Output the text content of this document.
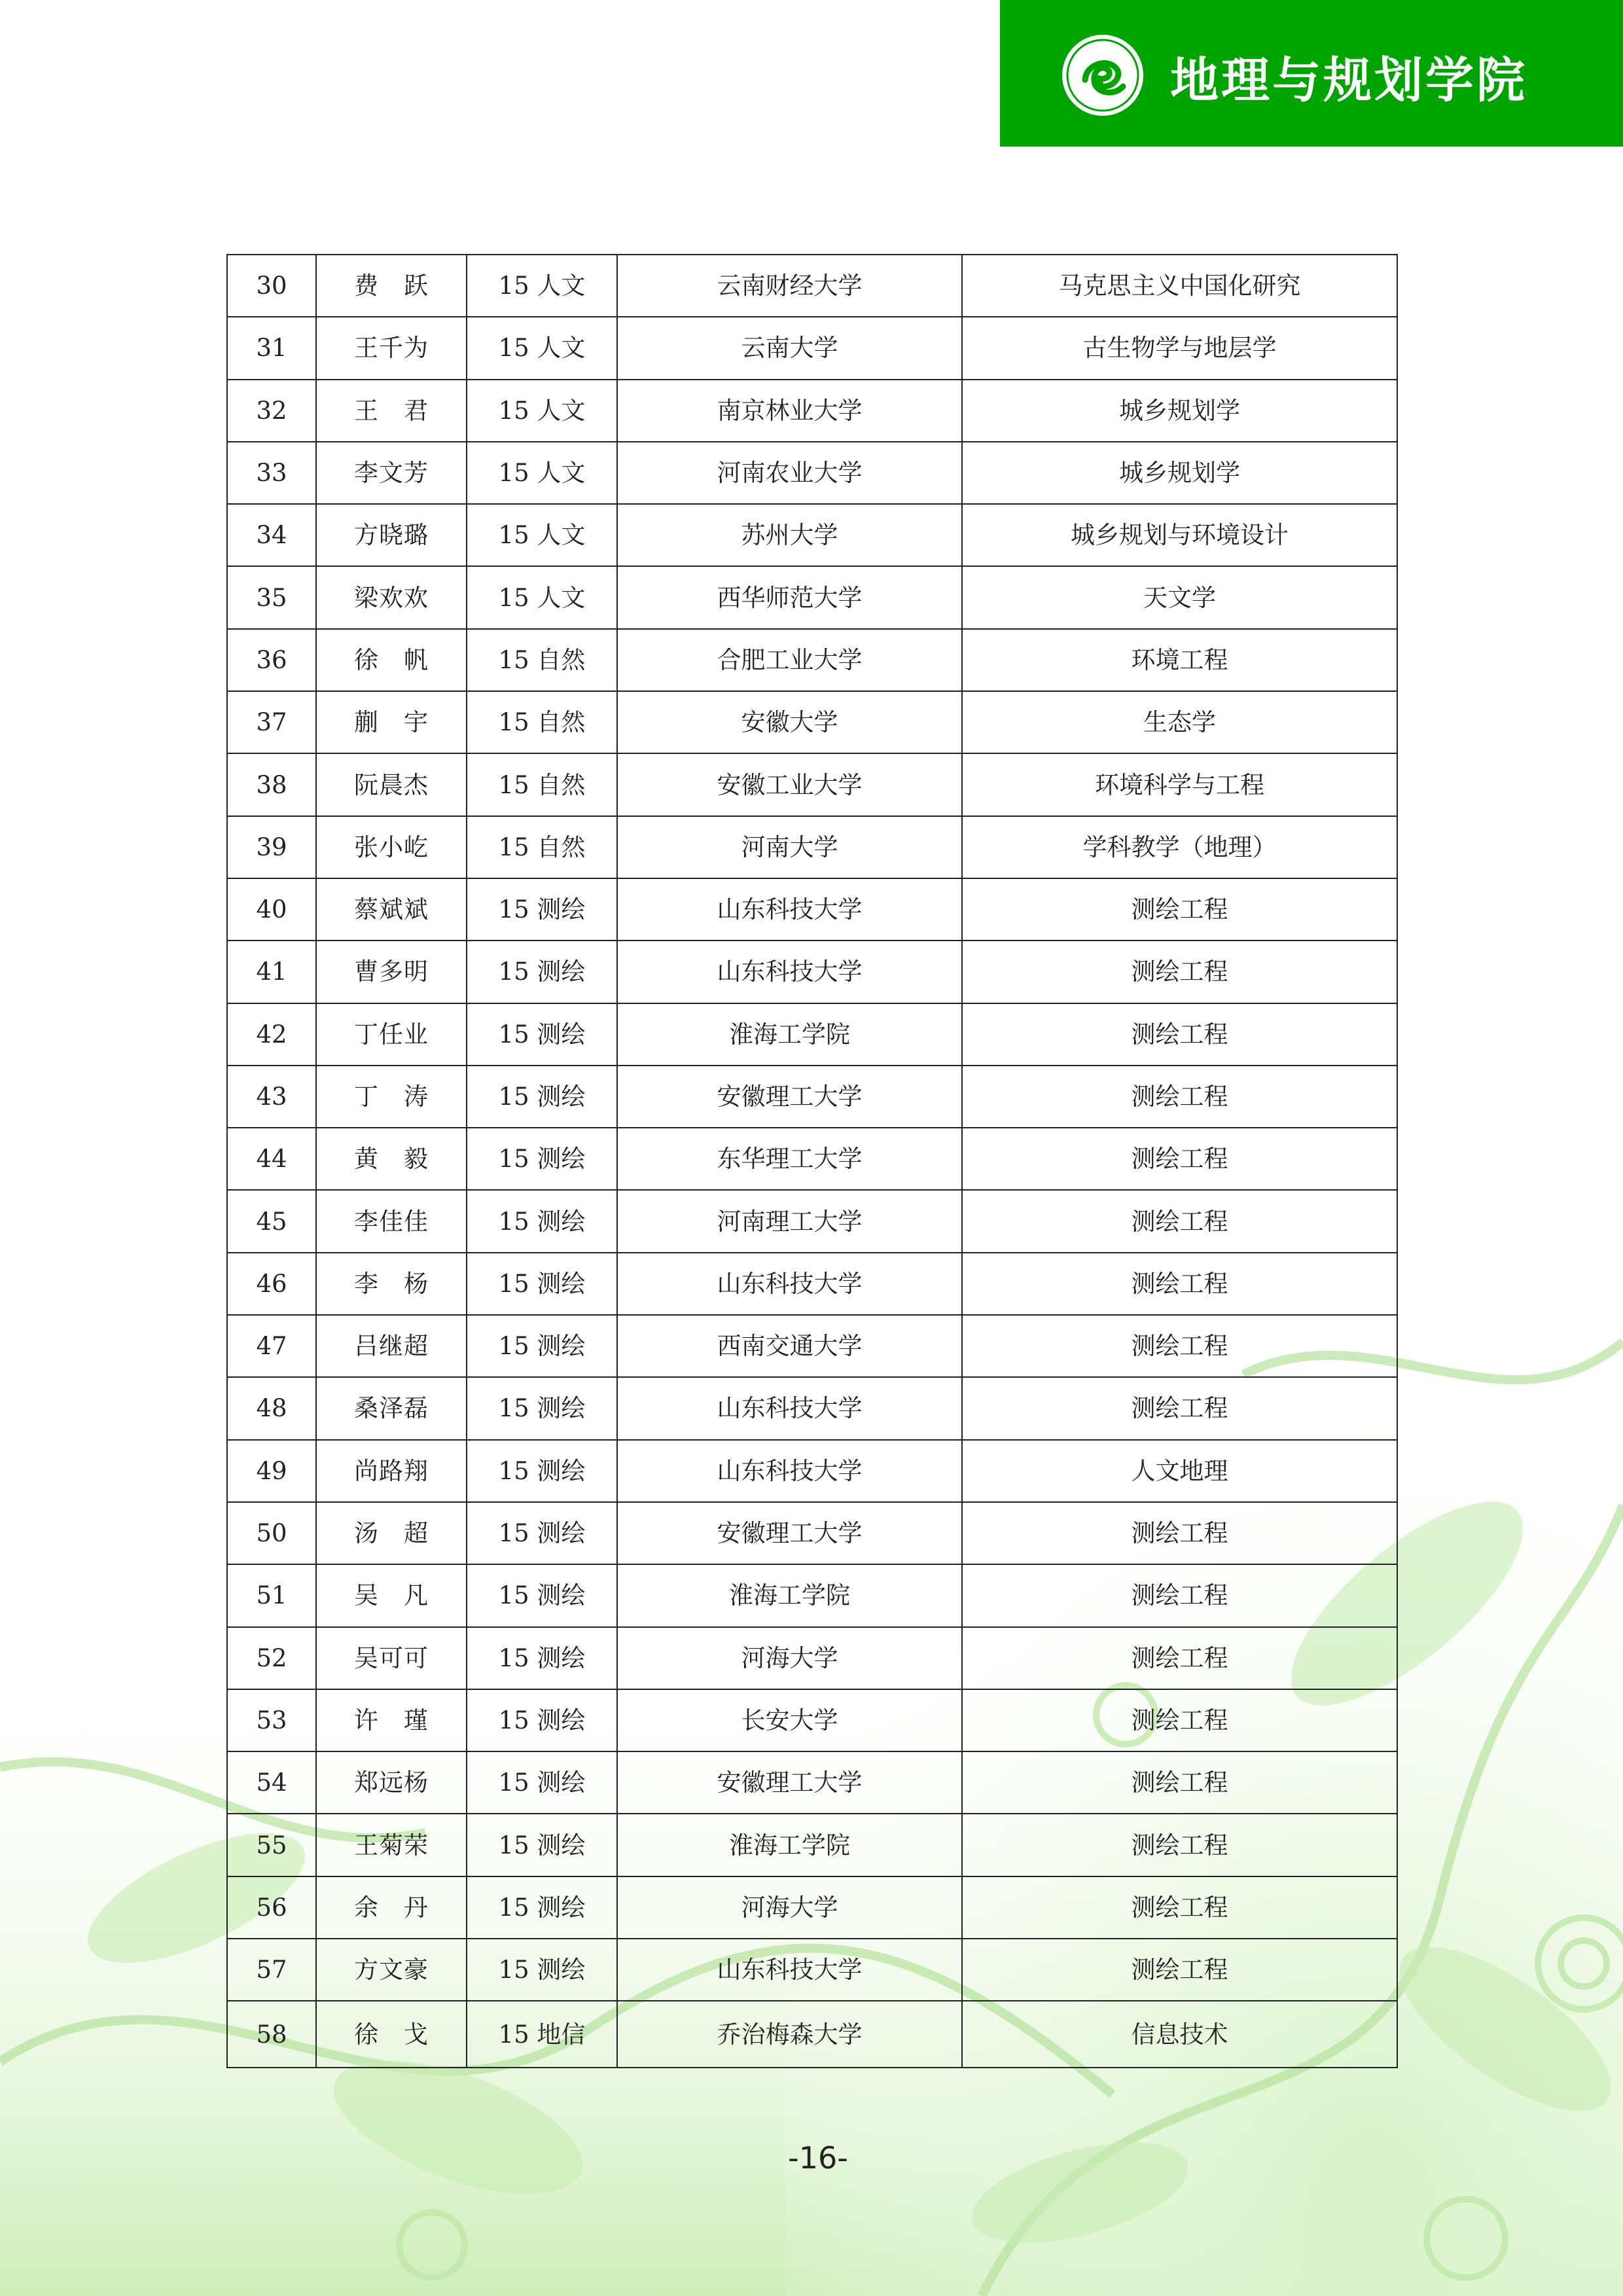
地理与规划学院
30	费　跃	15 人文	云南财经大学	马克思主义中国化研究
31	王千为	15 人文	云南大学	古生物学与地层学
32	王　君	15 人文	南京林业大学	城乡规划学
33	李文芳	15 人文	河南农业大学	城乡规划学
34	方晓璐	15 人文	苏州大学	城乡规划与环境设计
35	梁欢欢	15 人文	西华师范大学	天文学
36	徐　帆	15 自然	合肥工业大学	环境工程
37	蒯　宇	15 自然	安徽大学	生态学
38	阮晨杰	15 自然	安徽工业大学	环境科学与工程
39	张小屹	15 自然	河南大学	学科教学（地理）
40	蔡斌斌	15 测绘	山东科技大学	测绘工程
41	曹多明	15 测绘	山东科技大学	测绘工程
42	丁任业	15 测绘	淮海工学院	测绘工程
43	丁　涛	15 测绘	安徽理工大学	测绘工程
44	黄　毅	15 测绘	东华理工大学	测绘工程
45	李佳佳	15 测绘	河南理工大学	测绘工程
46	李　杨	15 测绘	山东科技大学	测绘工程
47	吕继超	15 测绘	西南交通大学	测绘工程
48	桑泽磊	15 测绘	山东科技大学	测绘工程
49	尚路翔	15 测绘	山东科技大学	人文地理
50	汤　超	15 测绘	安徽理工大学	测绘工程
51	吴　凡	15 测绘	淮海工学院	测绘工程
52	吴可可	15 测绘	河海大学	测绘工程
53	许　瑾	15 测绘	长安大学	测绘工程
54	郑远杨	15 测绘	安徽理工大学	测绘工程
55	王菊荣	15 测绘	淮海工学院	测绘工程
56	余　丹	15 测绘	河海大学	测绘工程
57	方文豪	15 测绘	山东科技大学	测绘工程
58	徐　戈	15 地信	乔治梅森大学	信息技术
-16-
